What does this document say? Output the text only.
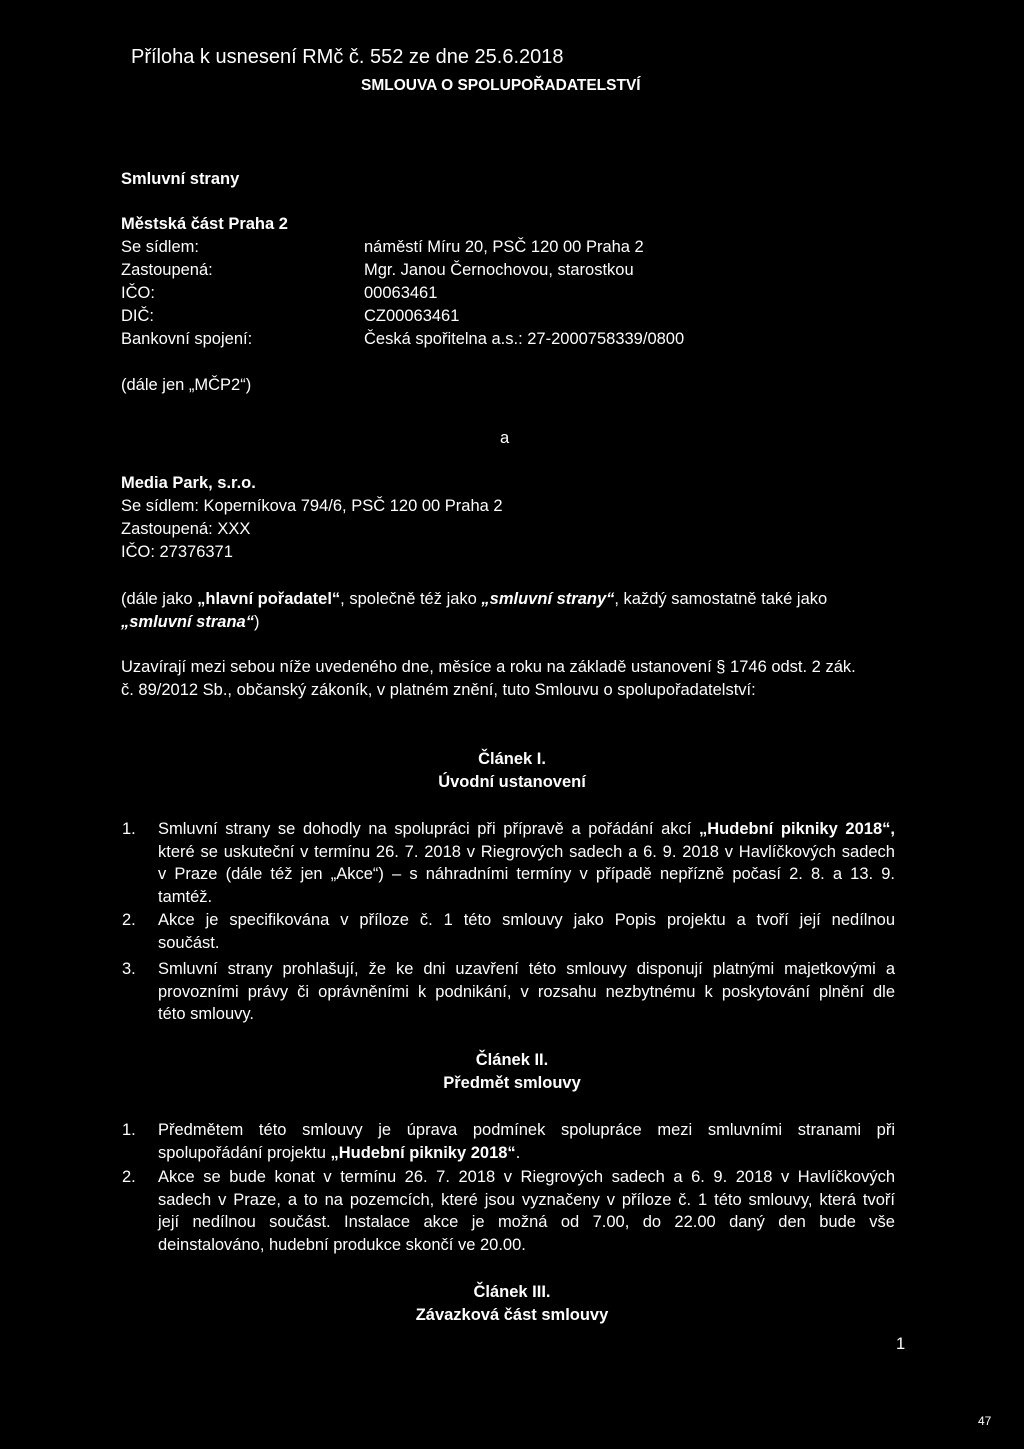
Příloha k usnesení RMč č. 552 ze dne 25.6.2018
SMLOUVA O SPOLUPOŘADATELSTVÍ
Smluvní strany
Městská část Praha 2
Se sídlem:	náměstí Míru 20, PSČ 120 00 Praha 2
Zastoupená:	Mgr. Janou Černochovou, starostkou
IČO:	00063461
DIČ:	CZ00063461
Bankovní spojení:	Česká spořitelna a.s.: 27-2000758339/0800
(dále jen „MČP2“)
a
Media Park, s.r.o.
Se sídlem: Koperníkova 794/6, PSČ 120 00 Praha 2
Zastoupená: XXX
IČO: 27376371
(dále jako „hlavní pořadatel“, společně též jako „smluvní strany“, každý samostatně také jako
„smluvní strana“)
Uzavírají mezi sebou níže uvedeného dne, měsíce a roku na základě ustanovení § 1746 odst. 2 zák.
č. 89/2012 Sb., občanský zákoník, v platném znění, tuto Smlouvu o spolupořadatelství:
Článek I.
Úvodní ustanovení
1. Smluvní strany se dohodly na spolupráci při přípravě a pořádání akcí „Hudební pikniky 2018“,
které se uskuteční v termínu 26. 7. 2018 v Riegrových sadech a 6. 9. 2018 v Havlíčkových sadech
v Praze (dále též jen „Akce“) – s náhradními termíny v případě nepřízně počasí 2. 8. a 13. 9.
tamtéž.
2. Akce je specifikována v příloze č. 1 této smlouvy jako Popis projektu a tvoří její nedílnou
součást.
3. Smluvní strany prohlašují, že ke dni uzavření této smlouvy disponují platnými majetkovými a
provozními právy či oprávněními k podnikání, v rozsahu nezbytnému k poskytování plnění dle
této smlouvy.
Článek II.
Předmět smlouvy
1. Předmětem této smlouvy je úprava podmínek spolupráce mezi smluvními stranami při
spolupořádání projektu „Hudební pikniky 2018“.
2. Akce se bude konat v termínu 26. 7. 2018 v Riegrových sadech a 6. 9. 2018 v Havlíčkových
sadech v Praze, a to na pozemcích, které jsou vyznačeny v příloze č. 1 této smlouvy, která tvoří
její nedílnou součást. Instalace akce je možná od 7.00, do 22.00 daný den bude vše
deinstalováno, hudební produkce skončí ve 20.00.
Článek III.
Závazková část smlouvy
1
47
